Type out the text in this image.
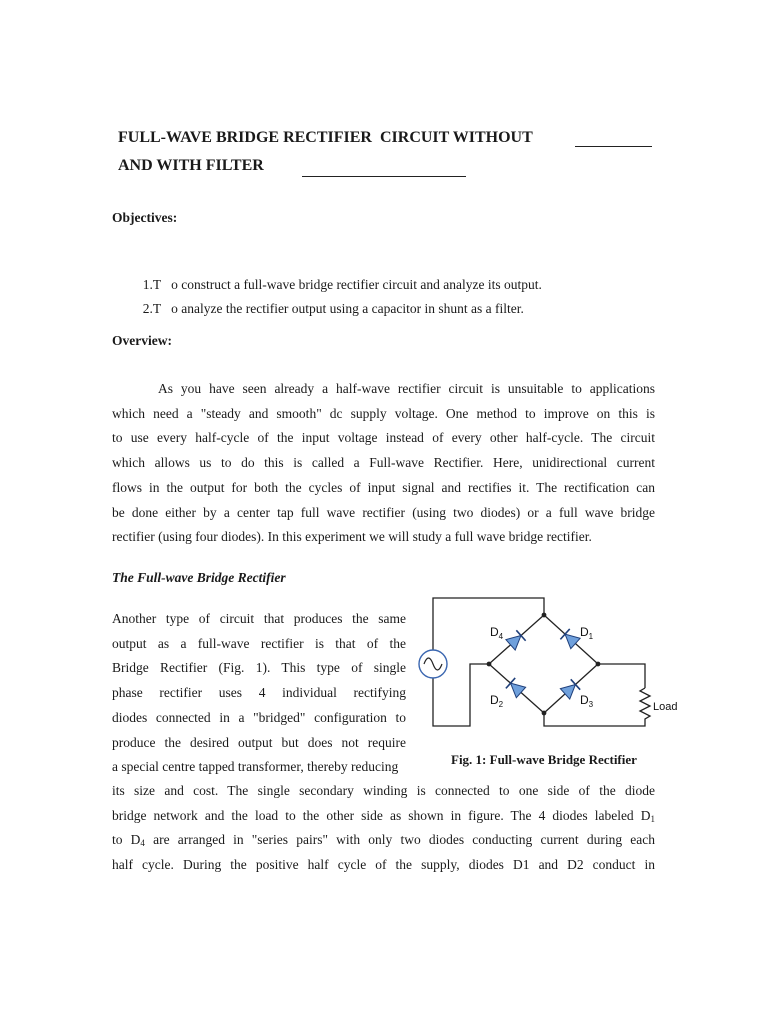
FULL-WAVE BRIDGE RECTIFIER  CIRCUIT WITHOUT
AND WITH FILTER
Objectives:

1.T o construct a full-wave bridge rectifier circuit and analyze its output.

2.T o analyze the rectifier output using a capacitor in shunt as a filter.

Overview:

As you have seen already a half-wave rectifier circuit is unsuitable to applications

which need a "steady and smooth" dc supply voltage. One method to improve on this is

to use every half-cycle of the input voltage instead of every other half-cycle. The circuit

which allows us to do this is called a Full-wave Rectifier. Here, unidirectional current

flows in the output for both the cycles of input signal and rectifies it. The rectification can

be done either by a center tap full wave rectifier (using two diodes) or a full wave bridge

rectifier (using four diodes). In this experiment we will study a full wave bridge rectifier.

The Full-wave Bridge Rectifier

Another type of circuit that produces the same

output as a full-wave rectifier is that of the

Bridge Rectifier (Fig. 1). This type of single

phase rectifier uses 4 individual rectifying

diodes connected in a "bridged" configuration to

produce the desired output but does not require

a special centre tapped transformer, thereby reducing

its size and cost. The single secondary winding is connected to one side of the diode

bridge network and the load to the other side as shown in figure. The 4 diodes labeled $D_1$

to $D_4$ are arranged in "series pairs" with only two diodes conducting current during each

half cycle. During the positive half cycle of the supply, diodes D1 and D2 conduct in

$D_4$	$D_1$
$D_2$	$D_3$	Load
Fig. 1: Full-wave Bridge Rectifier
